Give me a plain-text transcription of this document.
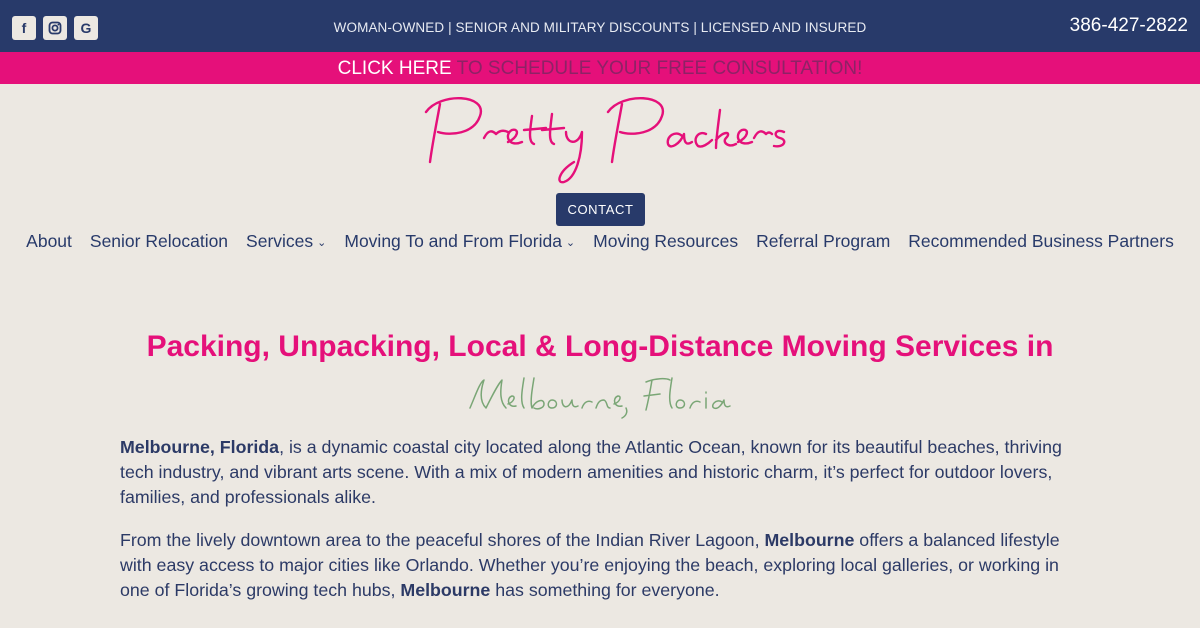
f	G	WOMAN-OWNED | SENIOR AND MILITARY DISCOUNTS | LICENSED AND INSURED	386-427-2822
CLICK HERE TO SCHEDULE YOUR FREE CONSULTATION!
CONTACT
About Senior Relocation Services ⌄ Moving To and From Florida ⌄ Moving Resources Referral Program Recommended Business Partners
Packing, Unpacking, Local & Long-Distance Moving Services in

Melbourne, Florida, is a dynamic coastal city located along the Atlantic Ocean, known for its beautiful beaches, thriving tech industry, and vibrant arts scene. With a mix of modern amenities and historic charm, it’s perfect for outdoor lovers, families, and professionals alike.

From the lively downtown area to the peaceful shores of the Indian River Lagoon, Melbourne offers a balanced lifestyle with easy access to major cities like Orlando. Whether you’re enjoying the beach, exploring local galleries, or working in one of Florida’s growing tech hubs, Melbourne has something for everyone.
